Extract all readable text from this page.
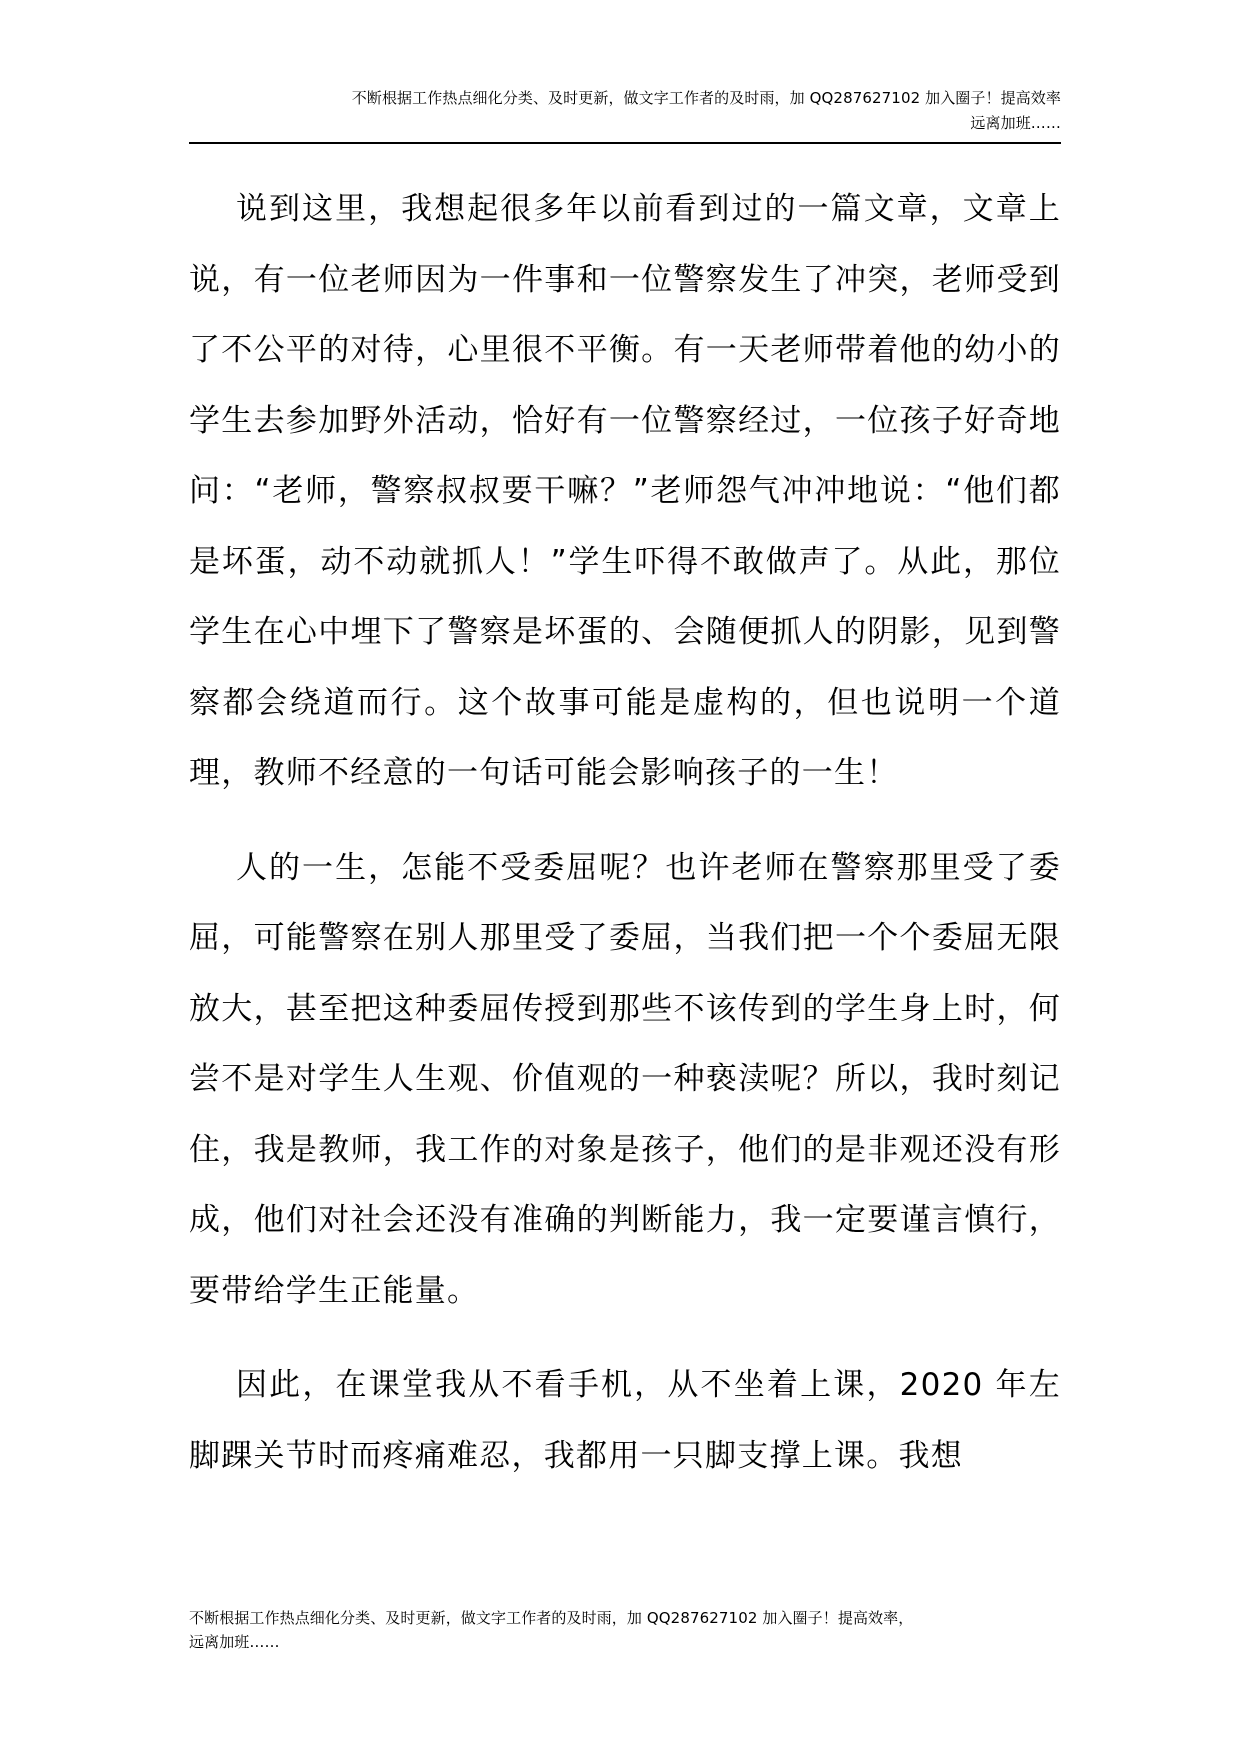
不断根据工作热点细化分类、及时更新，做文字工作者的及时雨，加 QQ287627102 加入圈子！提高效率
远离加班……

说到这里，我想起很多年以前看到过的一篇文章，文章上说，有一位老师因为一件事和一位警察发生了冲突，老师受到了不公平的对待，心里很不平衡。有一天老师带着他的幼小的学生去参加野外活动，恰好有一位警察经过，一位孩子好奇地问：“老师，警察叔叔要干嘛？”老师怨气冲冲地说：“他们都是坏蛋，动不动就抓人！”学生吓得不敢做声了。从此，那位学生在心中埋下了警察是坏蛋的、会随便抓人的阴影，见到警察都会绕道而行。这个故事可能是虚构的，但也说明一个道理，教师不经意的一句话可能会影响孩子的一生！

人的一生，怎能不受委屈呢？也许老师在警察那里受了委屈，可能警察在别人那里受了委屈，当我们把一个个委屈无限放大，甚至把这种委屈传授到那些不该传到的学生身上时，何尝不是对学生人生观、价值观的一种亵渎呢？所以，我时刻记住，我是教师，我工作的对象是孩子，他们的是非观还没有形成，他们对社会还没有准确的判断能力，我一定要谨言慎行，要带给学生正能量。

因此，在课堂我从不看手机，从不坐着上课，2020 年左脚踝关节时而疼痛难忍，我都用一只脚支撑上课。我想

不断根据工作热点细化分类、及时更新，做文字工作者的及时雨，加 QQ287627102 加入圈子！提高效率，
远离加班……
